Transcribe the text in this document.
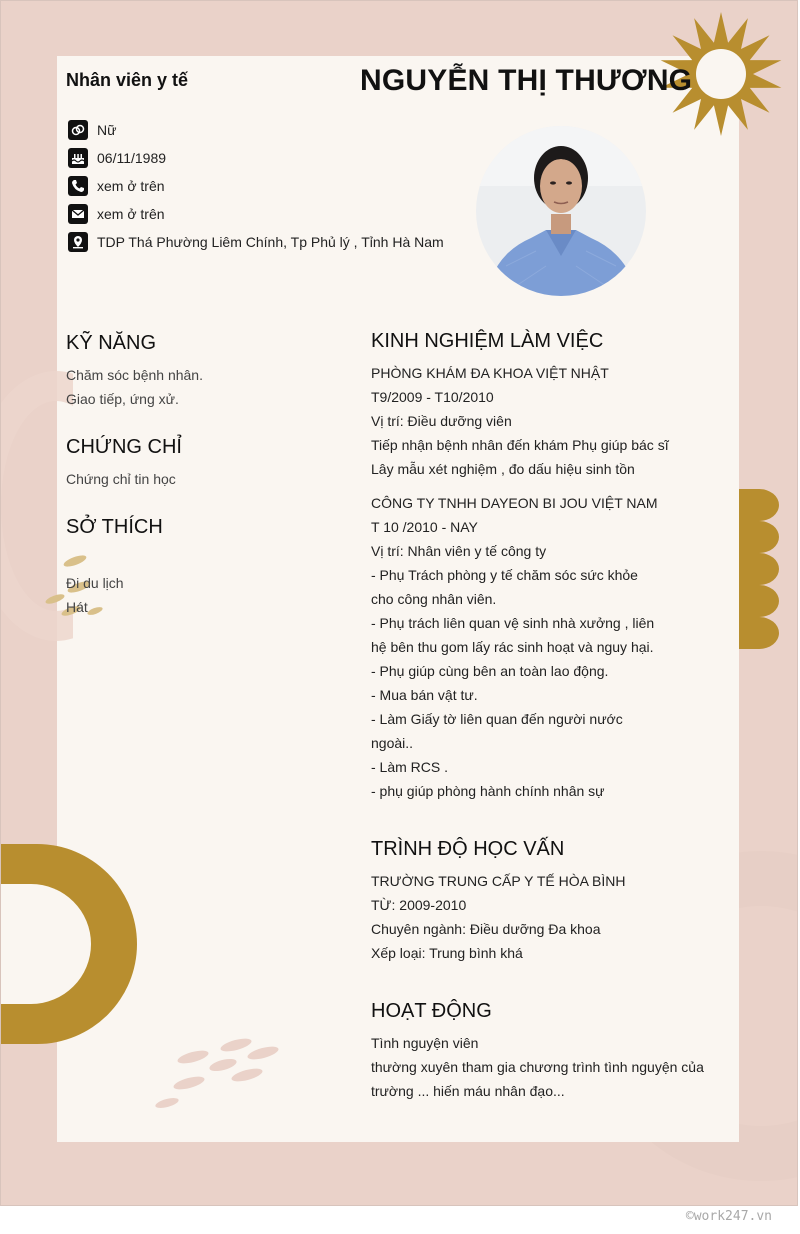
Nhân viên y tế	NGUYỄN THỊ THƯƠNG
Nữ
06/11/1989
xem ở trên
xem ở trên
TDP Thá Phường Liêm Chính, Tp Phủ lý , Tỉnh Hà Nam
KỸ NĂNG
Chăm sóc bệnh nhân.
Giao tiếp, ứng xử.
CHỨNG CHỈ
Chứng chỉ tin học
SỞ THÍCH
Đi du lịch
Hát
KINH NGHIỆM LÀM VIỆC
PHÒNG KHÁM ĐA KHOA VIỆT NHẬT
T9/2009 - T10/2010
Vị trí: Điều dưỡng viên
Tiếp nhận bệnh nhân đến khám Phụ giúp bác sĩ
Lây mẫu xét nghiệm , đo dấu hiệu sinh tồn
CÔNG TY TNHH DAYEON BI JOU VIỆT NAM
T 10 /2010 - NAY
Vị trí: Nhân viên y tế công ty
- Phụ Trách phòng y tế chăm sóc sức khỏe
cho công nhân viên.
- Phụ trách liên quan vệ sinh nhà xưởng , liên
hệ bên thu gom lấy rác sinh hoạt và nguy hại.
- Phụ giúp cùng bên an toàn lao động.
- Mua bán vật tư.
- Làm Giấy tờ liên quan đến người nước
ngoài..
- Làm RCS .
- phụ giúp phòng hành chính nhân sự
TRÌNH ĐỘ HỌC VẤN
TRƯỜNG TRUNG CẤP Y TẾ HÒA BÌNH
TỪ: 2009-2010
Chuyên ngành: Điều dưỡng Đa khoa
Xếp loại: Trung bình khá
HOẠT ĐỘNG
Tình nguyện viên
thường xuyên tham gia chương trình tình nguyện của
trường ... hiến máu nhân đạo...
©work247.vn
